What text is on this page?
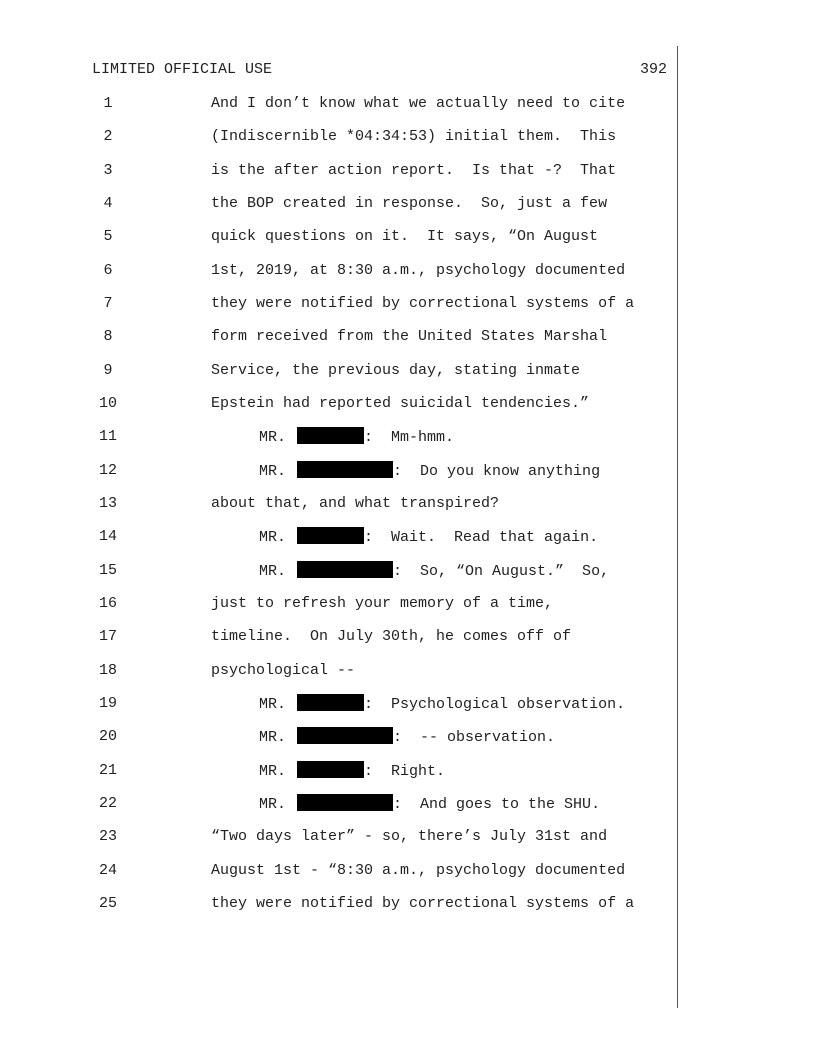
LIMITED OFFICIAL USE	392
1	And I don’t know what we actually need to cite
2	(Indiscernible *04:34:53) initial them.  This
3	is the after action report.  Is that -?  That
4	the BOP created in response.  So, just a few
5	quick questions on it.  It says, “On August
6	1st, 2019, at 8:30 a.m., psychology documented
7	they were notified by correctional systems of a
8	form received from the United States Marshal
9	Service, the previous day, stating inmate
10	Epstein had reported suicidal tendencies.”
11	MR.	:  Mm-hmm.
12	MR.	:  Do you know anything
13	about that, and what transpired?
14	MR.	:  Wait.  Read that again.
15	MR.	:  So, “On August.”  So,
16	just to refresh your memory of a time,
17	timeline.  On July 30th, he comes off of
18	psychological --
19	MR.	:  Psychological observation.
20	MR.	:  -- observation.
21	MR.	:  Right.
22	MR.	:  And goes to the SHU.
23	“Two days later” - so, there’s July 31st and
24	August 1st - “8:30 a.m., psychology documented
25	they were notified by correctional systems of a
